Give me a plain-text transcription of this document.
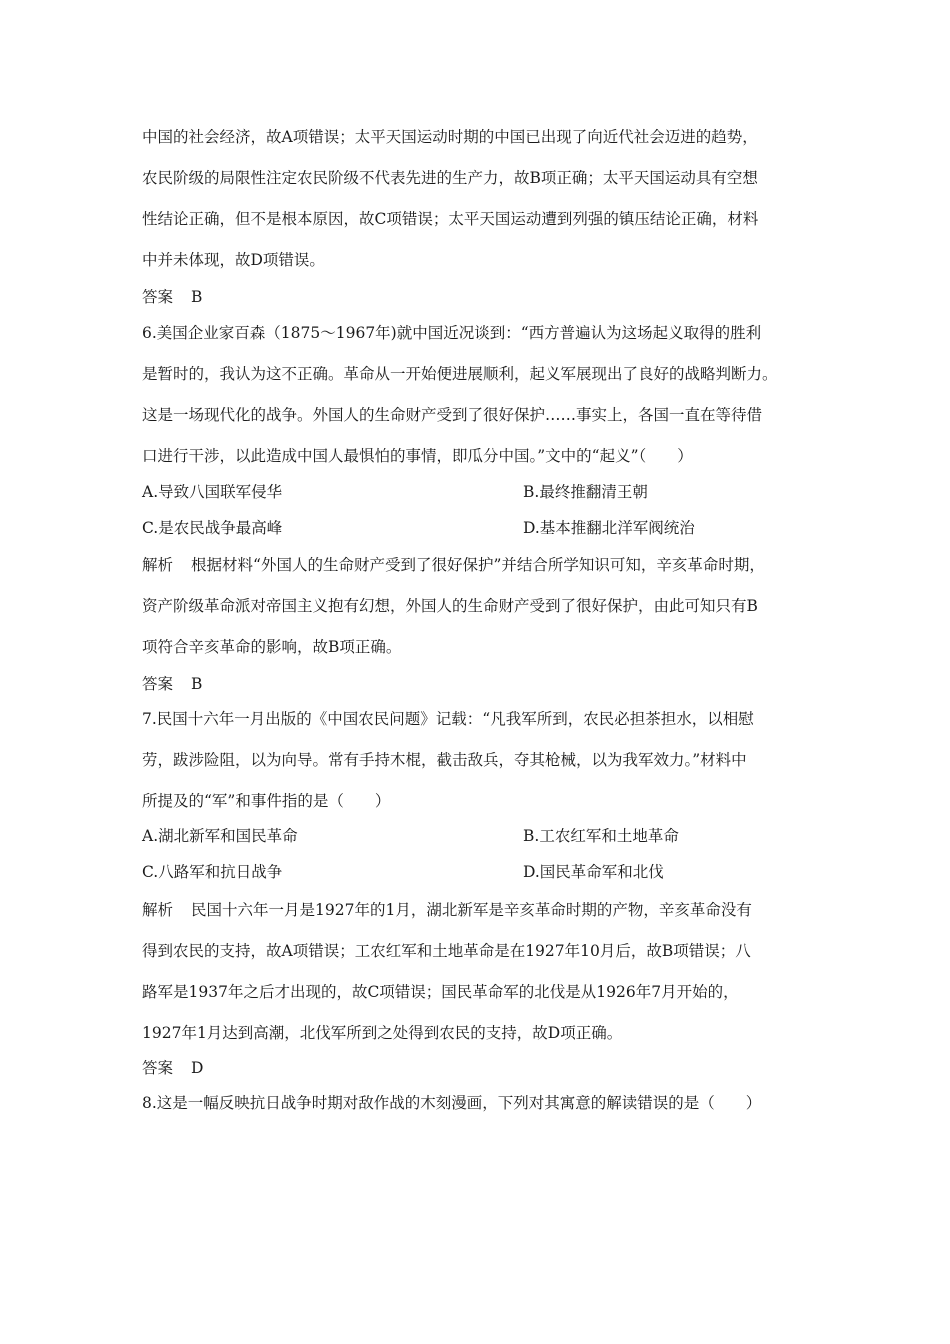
中国的社会经济，故A项错误；太平天国运动时期的中国已出现了向近代社会迈进的趋势，
农民阶级的局限性注定农民阶级不代表先进的生产力，故B项正确；太平天国运动具有空想
性结论正确，但不是根本原因，故C项错误；太平天国运动遭到列强的镇压结论正确，材料
中并未体现，故D项错误。
答案 B
6.美国企业家百森（1875～1967年)就中国近况谈到：“西方普遍认为这场起义取得的胜利
是暂时的，我认为这不正确。革命从一开始便进展顺利，起义军展现出了良好的战略判断力。
这是一场现代化的战争。外国人的生命财产受到了很好保护……事实上，各国一直在等待借
口进行干涉，以此造成中国人最惧怕的事情，即瓜分中国。”文中的“起义”（　　）
A.导致八国联军侵华	B.最终推翻清王朝
C.是农民战争最高峰	D.基本推翻北洋军阀统治
解析 根据材料“外国人的生命财产受到了很好保护”并结合所学知识可知，辛亥革命时期，
资产阶级革命派对帝国主义抱有幻想，外国人的生命财产受到了很好保护，由此可知只有B
项符合辛亥革命的影响，故B项正确。
答案 B
7.民国十六年一月出版的《中国农民问题》记载：“凡我军所到，农民必担茶担水，以相慰
劳，跋涉险阻，以为向导。常有手持木棍，截击敌兵，夺其枪械，以为我军效力。”材料中
所提及的“军”和事件指的是（　　）
A.湖北新军和国民革命	B.工农红军和土地革命
C.八路军和抗日战争	D.国民革命军和北伐
解析 民国十六年一月是1927年的1月，湖北新军是辛亥革命时期的产物，辛亥革命没有
得到农民的支持，故A项错误；工农红军和土地革命是在1927年10月后，故B项错误；八
路军是1937年之后才出现的，故C项错误；国民革命军的北伐是从1926年7月开始的，
1927年1月达到高潮，北伐军所到之处得到农民的支持，故D项正确。
答案 D
8.这是一幅反映抗日战争时期对敌作战的木刻漫画，下列对其寓意的解读错误的是（　　）
